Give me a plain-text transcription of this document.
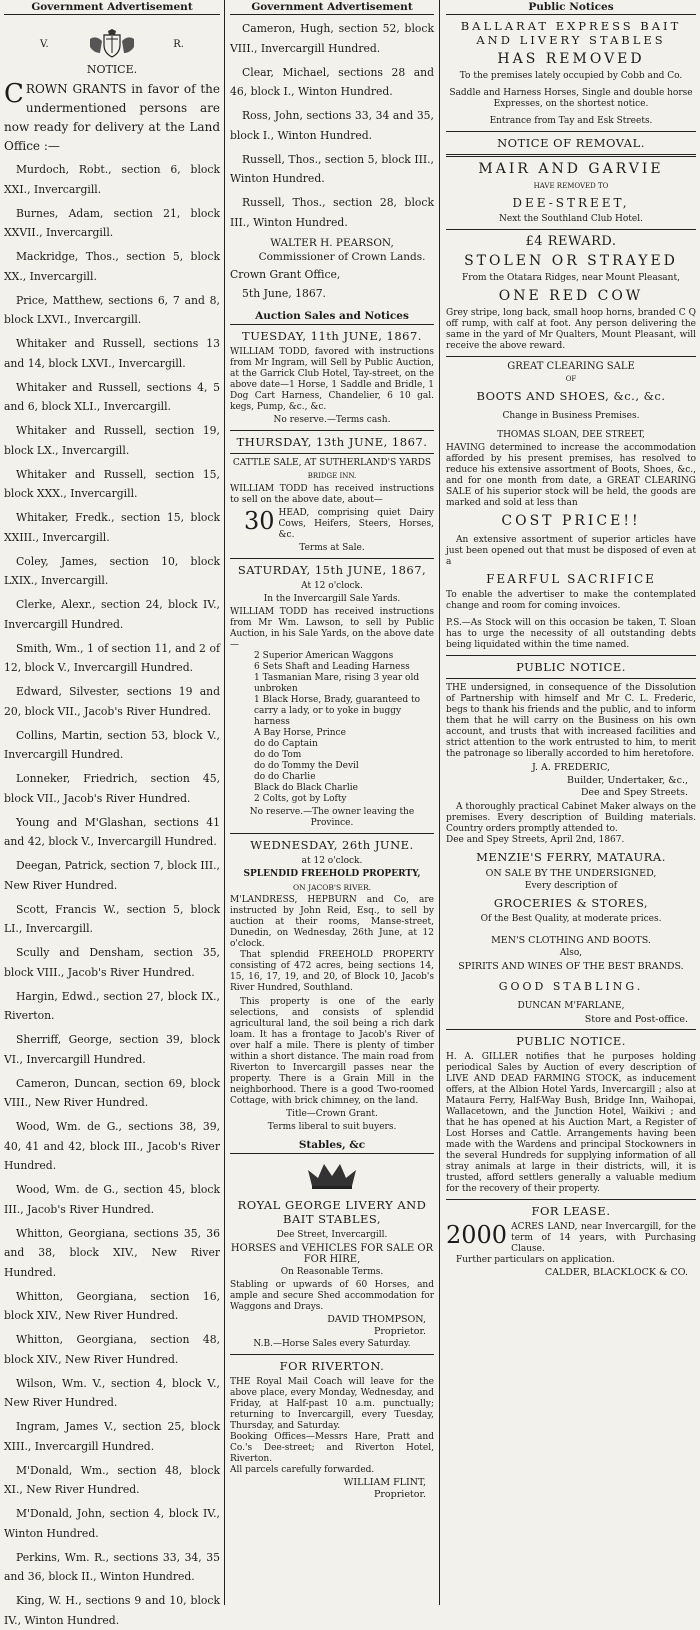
Government Advertisement
V.	R.
NOTICE.

CROWN GRANTS in favor of the undermentioned persons are now ready for delivery at the Land Office :—

Murdoch, Robt., section 6, block XXI., Invercargill.
Burnes, Adam, section 21, block XXVII., Invercargill.
Mackridge, Thos., section 5, block XX., Invercargill.
Price, Matthew, sections 6, 7 and 8, block LXVI., Invercargill.
Whitaker and Russell, sections 13 and 14, block LXVI., Invercargill.
Whitaker and Russell, sections 4, 5 and 6, block XLI., Invercargill.
Whitaker and Russell, section 19, block LX., Invercargill.
Whitaker and Russell, section 15, block XXX., Invercargill.
Whitaker, Fredk., section 15, block XXIII., Invercargill.
Coley, James, section 10, block LXIX., Invercargill.
Clerke, Alexr., section 24, block IV., Invercargill Hundred.
Smith, Wm., 1 of section 11, and 2 of 12, block V., Invercargill Hundred.
Edward, Silvester, sections 19 and 20, block VII., Jacob's River Hundred.
Collins, Martin, section 53, block V., Invercargill Hundred.
Lonneker, Friedrich, section 45, block VII., Jacob's River Hundred.
Young and M'Glashan, sections 41 and 42, block V., Invercargill Hundred.
Deegan, Patrick, section 7, block III., New River Hundred.
Scott, Francis W., section 5, block LI., Invercargill.
Scully and Densham, section 35, block VIII., Jacob's River Hundred.
Hargin, Edwd., section 27, block IX., Riverton.
Sherriff, George, section 39, block VI., Invercargill Hundred.
Cameron, Duncan, section 69, block VIII., New River Hundred.
Wood, Wm. de G., sections 38, 39, 40, 41 and 42, block III., Jacob's River Hundred.
Wood, Wm. de G., section 45, block III., Jacob's River Hundred.
Whitton, Georgiana, sections 35, 36 and 38, block XIV., New River Hundred.
Whitton, Georgiana, section 16, block XIV., New River Hundred.
Whitton, Georgiana, section 48, block XIV., New River Hundred.
Wilson, Wm. V., section 4, block V., New River Hundred.
Ingram, James V., section 25, block XIII., Invercargill Hundred.
M'Donald, Wm., section 48, block XI., New River Hundred.
M'Donald, John, section 4, block IV., Winton Hundred.
Perkins, Wm. R., sections 33, 34, 35 and 36, block II., Winton Hundred.
King, W. H., sections 9 and 10, block IV., Winton Hundred.
Government Advertisement
Cameron, Hugh, section 52, block VIII., Invercargill Hundred.
Clear, Michael, sections 28 and 46, block I., Winton Hundred.
Ross, John, sections 33, 34 and 35, block I., Winton Hundred.
Russell, Thos., section 5, block III., Winton Hundred.
Russell, Thos., section 28, block III., Winton Hundred.
WALTER H. PEARSON,
Commissioner of Crown Lands.
Crown Grant Office,
5th June, 1867.
Auction Sales and Notices
TUESDAY, 11th JUNE, 1867.

WILLIAM TODD, favored with instructions from Mr Ingram, will Sell by Public Auction, at the Garrick Club Hotel, Tay-street, on the above date—1 Horse, 1 Saddle and Bridle, 1 Dog Cart Harness, Chandelier, 6 10 gal. kegs, Pump, &c., &c.

No reserve.—Terms cash.
THURSDAY, 13th JUNE, 1867.
CATTLE SALE, AT SUTHERLAND'S YARDS
BRIDGE INN.

WILLIAM TODD has received instructions to sell on the above date, about—

30 HEAD, comprising quiet Dairy Cows, Heifers, Steers, Horses, &c.

Terms at Sale.
SATURDAY, 15th JUNE, 1867,
At 12 o'clock.
In the Invercargill Sale Yards.

WILLIAM TODD has received instructions from Mr Wm. Lawson, to sell by Public Auction, in his Sale Yards, on the above date—

2 Superior American Waggons
6 Sets Shaft and Leading Harness
1 Tasmanian Mare, rising 3 year old unbroken
1 Black Horse, Brady, guaranteed to carry a lady, or to yoke in buggy harness
A Bay Horse, Prince
do do Captain
do do Tom
do do Tommy the Devil
do do Charlie
Black do Black Charlie
2 Colts, got by Lofty
No reserve.—The owner leaving the Province.
WEDNESDAY, 26th JUNE.
at 12 o'clock.
SPLENDID FREEHOLD PROPERTY,
ON JACOB'S RIVER.

M'LANDRESS, HEPBURN and Co, are instructed by John Reid, Esq., to sell by auction at their rooms, Manse-street, Dunedin, on Wednesday, 26th June, at 12 o'clock.

That splendid FREEHOLD PROPERTY consisting of 472 acres, being sections 14, 15, 16, 17, 19, and 20, of Block 10, Jacob's River Hundred, Southland.

This property is one of the early selections, and consists of splendid agricultural land, the soil being a rich dark loam. It has a frontage to Jacob's River of over half a mile. There is plenty of timber within a short distance. The main road from Riverton to Invercargill passes near the property. There is a Grain Mill in the neighborhood. There is a good Two-roomed Cottage, with brick chimney, on the land.

Title—Crown Grant.
Terms liberal to suit buyers.
Stables, &c
ROYAL GEORGE LIVERY AND BAIT STABLES,
Dee Street, Invercargill.
HORSES and VEHICLES FOR SALE OR FOR HIRE,
On Reasonable Terms.

Stabling or upwards of 60 Horses, and ample and secure Shed accommodation for Waggons and Drays.

DAVID THOMPSON,
Proprietor.
N.B.—Horse Sales every Saturday.
FOR RIVERTON.

THE Royal Mail Coach will leave for the above place, every Monday, Wednesday, and Friday, at Half-past 10 a.m. punctually; returning to Invercargill, every Tuesday, Thursday, and Saturday.

Booking Offices—Messrs Hare, Pratt and Co.'s Dee-street; and Riverton Hotel, Riverton.

All parcels carefully forwarded.

WILLIAM FLINT,
Proprietor.
Public Notices
BALLARAT EXPRESS BAIT AND LIVERY STABLES
HAS REMOVED

To the premises lately occupied by Cobb and Co.

Saddle and Harness Horses, Single and double horse Expresses, on the shortest notice.

Entrance from Tay and Esk Streets.

NOTICE OF REMOVAL.
MAIR AND GARVIE
HAVE REMOVED TO
DEE-STREET,
Next the Southland Club Hotel.
£4 REWARD.
STOLEN OR STRAYED
From the Otatara Ridges, near Mount Pleasant,
ONE RED COW

Grey stripe, long back, small hoop horns, branded C Q off rump, with calf at foot. Any person delivering the same in the yard of Mr Qualters, Mount Pleasant, will receive the above reward.

GREAT CLEARING SALE
OF
BOOTS AND SHOES, &c., &c.
Change in Business Premises.
THOMAS SLOAN, DEE STREET,

HAVING determined to increase the accommodation afforded by his present premises, has resolved to reduce his extensive assortment of Boots, Shoes, &c., and for one month from date, a GREAT CLEARING SALE of his superior stock will be held, the goods are marked and sold at less than

COST PRICE!!

An extensive assortment of superior articles have just been opened out that must be disposed of even at a

FEARFUL SACRIFICE

To enable the advertiser to make the contemplated change and room for coming invoices.

P.S.—As Stock will on this occasion be taken, T. Sloan has to urge the necessity of all outstanding debts being liquidated within the time named.

PUBLIC NOTICE.

THE undersigned, in consequence of the Dissolution of Partnership with himself and Mr C. L. Frederic, begs to thank his friends and the public, and to inform them that he will carry on the Business on his own account, and trusts that with increased facilities and strict attention to the work entrusted to him, to merit the patronage so liberally accorded to him heretofore.

J. A. FREDERIC,
Builder, Undertaker, &c.,
Dee and Spey Streets.

A thoroughly practical Cabinet Maker always on the premises. Every description of Building materials. Country orders promptly attended to.

Dee and Spey Streets, April 2nd, 1867.

MENZIE'S FERRY, MATAURA.
ON SALE BY THE UNDERSIGNED,
Every description of
GROCERIES & STORES,
Of the Best Quality, at moderate prices.
MEN'S CLOTHING AND BOOTS.
Also,
SPIRITS AND WINES OF THE BEST BRANDS.
GOOD STABLING.
DUNCAN M'FARLANE,
Store and Post-office.
PUBLIC NOTICE.

H. A. GILLER notifies that he purposes holding periodical Sales by Auction of every description of LIVE AND DEAD FARMING STOCK, as inducement offers, at the Albion Hotel Yards, Invercargill ; also at Mataura Ferry, Half-Way Bush, Bridge Inn, Waihopai, Wallacetown, and the Junction Hotel, Waikivi ; and that he has opened at his Auction Mart, a Register of Lost Horses and Cattle. Arrangements having been made with the Wardens and principal Stockowners in the several Hundreds for supplying information of all stray animals at large in their districts, will, it is trusted, afford settlers generally a valuable medium for the recovery of their property.

FOR LEASE.
2000 ACRES LAND, near Invercargill, for the term of 14 years, with Purchasing Clause.

Further particulars on application.

CALDER, BLACKLOCK & CO.
